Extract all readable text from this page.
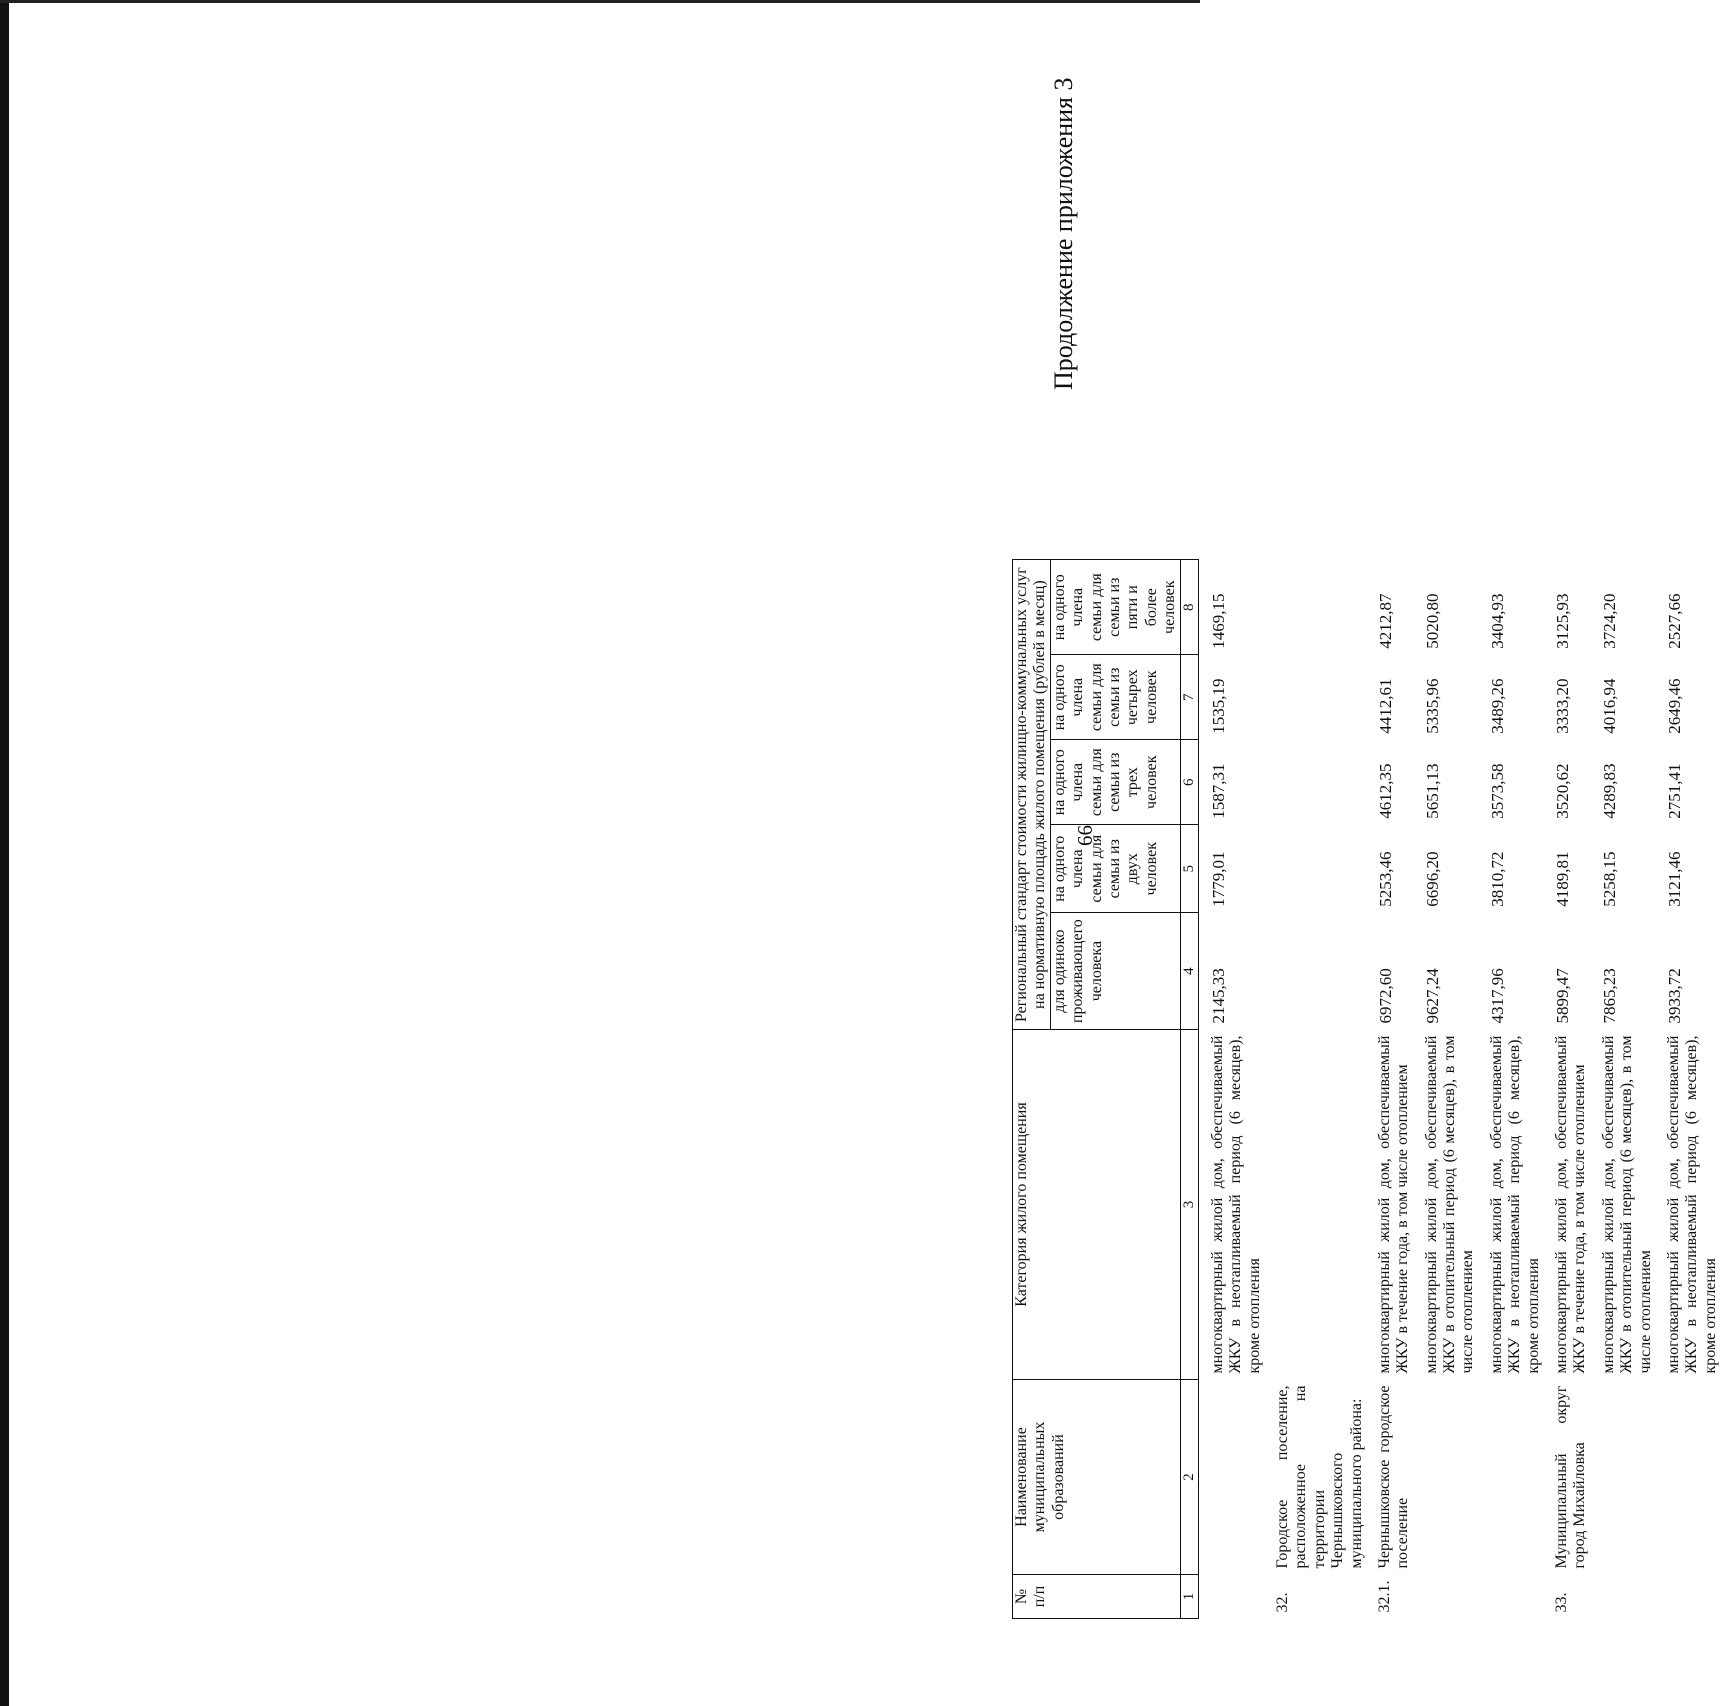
66
Продолжение приложения 3
№ п/п	Наименование муниципальных образований	Категория жилого помещения	Региональный стандарт стоимости жилищно-коммунальных услуг на нормативную площадь жилого помещения (рублей в месяц)				
			для одиноко проживающего человека	на одного члена семьи для семьи из двух человек	на одного члена семьи для семьи из трех человек	на одного члена семьи для семьи из четырех человек	на одного члена семьи для семьи из пяти и более человек
1	2	3	4	5	6	7	8
		многоквартирный жилой дом, обеспечиваемый ЖКУ в неотапливаемый период (6 месяцев), кроме отопления	2145,33	1779,01	1587,31	1535,19	1469,15
32.	Городское поселение, расположенное на территории Чернышковского муниципального района:						
32.1.	Чернышковское городское поселение	многоквартирный жилой дом, обеспечиваемый ЖКУ в течение года, в том числе отоплением	6972,60	5253,46	4612,35	4412,61	4212,87
		многоквартирный жилой дом, обеспечиваемый ЖКУ в отопительный период (6 месяцев), в том числе отоплением	9627,24	6696,20	5651,13	5335,96	5020,80
		многоквартирный жилой дом, обеспечиваемый ЖКУ в неотапливаемый период (6 месяцев), кроме отопления	4317,96	3810,72	3573,58	3489,26	3404,93
33.	Муниципальный округ город Михайловка	многоквартирный жилой дом, обеспечиваемый ЖКУ в течение года, в том числе отоплением	5899,47	4189,81	3520,62	3333,20	3125,93
		многоквартирный жилой дом, обеспечиваемый ЖКУ в отопительный период (6 месяцев), в том числе отоплением	7865,23	5258,15	4289,83	4016,94	3724,20
		многоквартирный жилой дом, обеспечиваемый ЖКУ в неотапливаемый период (6 месяцев), кроме отопления	3933,72	3121,46	2751,41	2649,46	2527,66
